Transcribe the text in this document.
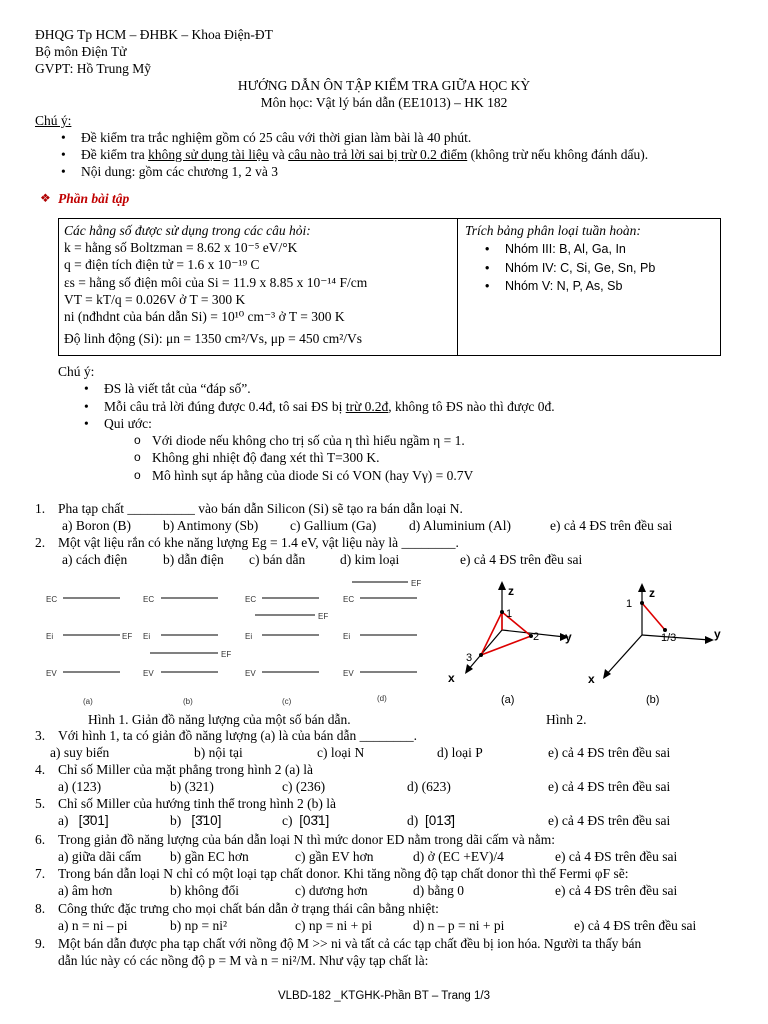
ĐHQG Tp HCM – ĐHBK – Khoa Điện-ĐT
Bộ môn Điện Tử
GVPT: Hồ Trung Mỹ
HƯỚNG DẪN ÔN TẬP KIỂM TRA GIỮA HỌC KỲ
Môn học: Vật lý bán dẫn (EE1013) – HK 182
Chú ý:
• Đề kiểm tra trắc nghiệm gồm có 25 câu với thời gian làm bài là 40 phút.
• Đề kiểm tra không sử dụng tài liệu và câu nào trả lời sai bị trừ 0.2 điểm (không trừ nếu không đánh dấu).
• Nội dung: gồm các chương 1, 2 và 3
❖ Phần bài tập
Các hằng số được sử dụng trong các câu hỏi:
k = hằng số Boltzman = 8.62 x 10⁻⁵ eV/°K
q = điện tích điện tử = 1.6 x 10⁻¹⁹ C
εs = hằng số điện môi của Si = 11.9 x 8.85 x 10⁻¹⁴ F/cm
VT = kT/q = 0.026V ở T = 300 K
ni (nđhdnt của bán dẫn Si) = 10¹⁰ cm⁻³ ở T = 300 K
Độ linh động (Si): μn = 1350 cm²/Vs, μp = 450 cm²/Vs
Trích bảng phân loại tuần hoàn:
• Nhóm III: B, Al, Ga, In
• Nhóm IV: C, Si, Ge, Sn, Pb
• Nhóm V: N, P, As, Sb
Chú ý:
• ĐS là viết tắt của “đáp số”.
• Mỗi câu trả lời đúng được 0.4đ, tô sai ĐS bị trừ 0.2đ, không tô ĐS nào thì được 0đ.
• Qui ước:
o Với diode nếu không cho trị số của η thì hiểu ngầm η = 1.
o Không ghi nhiệt độ đang xét thì T=300 K.
o Mô hình sụt áp hằng của diode Si có VON (hay Vγ) = 0.7V
1. Pha tạp chất __________ vào bán dẫn Silicon (Si) sẽ tạo ra bán dẫn loại N.
a) Boron (B) b) Antimony (Sb) c) Gallium (Ga) d) Aluminium (Al)	e) cả 4 ĐS trên đều sai
2. Một vật liệu rắn có khe năng lượng Eg = 1.4 eV, vật liệu này là ________.
a) cách điện	b) dẫn điện c) bán dẫn	d) kim loại	e) cả 4 ĐS trên đều sai
EC
Ei	EF
EV
(a)
EC
Ei
EF
EV
(b)
EC
EF
Ei
EV
(c)
EF
EC
Ei
EV
(d)
z
y
x
1
2
3
(a)
z
y
x
1
1/3
(b)
Hình 1. Giản đồ năng lượng của một số bán dẫn.	Hình 2.
3. Với hình 1, ta có giản đồ năng lượng (a) là của bán dẫn ________.
a) suy biến	b) nội tại	c) loại N	d) loại P	e) cả 4 ĐS trên đều sai
4. Chỉ số Miller của mặt phẳng trong hình 2 (a) là
a) (123)	b) (321)	c) (236)	d) (623)	e) cả 4 ĐS trên đều sai
5. Chỉ số Miller của hướng tinh thể trong hình 2 (b) là
a) [3̄01]	b) [3̄10]	c) [03̄1]	d) [013̄]	e) cả 4 ĐS trên đều sai
6. Trong giản đồ năng lượng của bán dẫn loại N thì mức donor ED nằm trong dãi cấm và nằm:
a) giữa dãi cấm b) gần EC hơn	c) gần EV hơn	d) ở (EC +EV)/4	e) cả 4 ĐS trên đều sai
7. Trong bán dẫn loại N chỉ có một loại tạp chất donor. Khi tăng nồng độ tạp chất donor thì thế Fermi φF sẽ:
a) âm hơn	b) không đổi	c) dương hơn	d) bằng 0	e) cả 4 ĐS trên đều sai
8. Công thức đặc trưng cho mọi chất bán dẫn ở trạng thái cân bằng nhiệt:
a) n = ni – pi	b) np = ni²	c) np = ni + pi	d) n – p = ni + pi	e) cả 4 ĐS trên đều sai
9. Một bán dẫn được pha tạp chất với nồng độ M >> ni và tất cả các tạp chất đều bị ion hóa. Người ta thấy bán
dẫn lúc này có các nồng độ p = M và n = ni²/M. Như vậy tạp chất là:
VLBD-182 _KTGHK-Phần BT – Trang 1/3
